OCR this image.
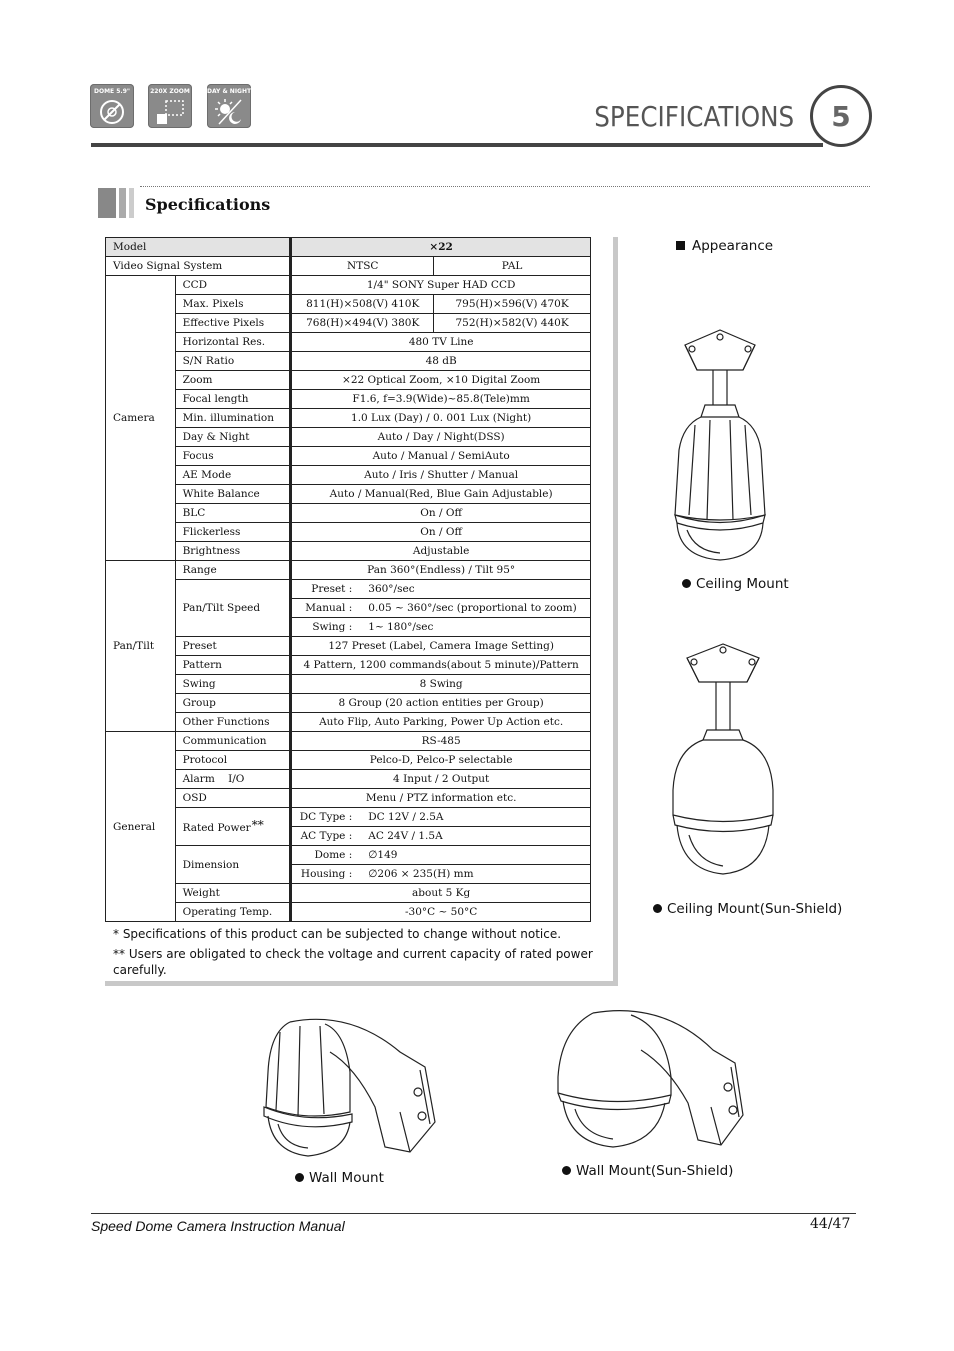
DOME 5.9"	220X ZOOM	DAY & NIGHT
SPECIFICATIONS	5
Specifications
Model		×22	
Video Signal System		NTSC	PAL
Camera	CCD	1/4" SONY Super HAD CCD	
	Max. Pixels	811(H)×508(V) 410K	795(H)×596(V) 470K
	Effective Pixels	768(H)×494(V) 380K	752(H)×582(V) 440K
	Horizontal Res.	480 TV Line	
	S/N Ratio	48 dB	
	Zoom	×22 Optical Zoom, ×10 Digital Zoom	
	Focal length	F1.6, f=3.9(Wide)~85.8(Tele)mm	
	Min. illumination	1.0 Lux (Day) / 0. 001 Lux (Night)	
	Day & Night	Auto / Day / Night(DSS)	
	Focus	Auto / Manual / SemiAuto	
	AE Mode	Auto / Iris / Shutter / Manual	
	White Balance	Auto / Manual(Red, Blue Gain Adjustable)	
	BLC	On / Off	
	Flickerless	On / Off	
	Brightness	Adjustable	
Pan/Tilt	Range	Pan 360°(Endless) / Tilt 95°	
	Pan/Tilt Speed	Preset : 360°/sec	
		Manual : 0.05 ~ 360°/sec (proportional to zoom)	
		Swing : 1~ 180°/sec	
	Preset	127 Preset (Label, Camera Image Setting)	
	Pattern	4 Pattern, 1200 commands(about 5 minute)/Pattern	
	Swing	8 Swing	
	Group	8 Group (20 action entities per Group)	
	Other Functions	Auto Flip, Auto Parking, Power Up Action etc.	
General	Communication	RS-485	
	Protocol	Pelco-D, Pelco-P selectable	
	Alarm    I/O	4 Input / 2 Output	
	OSD	Menu / PTZ information etc.	
	Rated Power**	DC Type : DC 12V / 2.5A	
		AC Type : AC 24V / 1.5A	
	Dimension	Dome : ∅149	
		Housing : ∅206 × 235(H) mm	
	Weight	about 5 Kg	
	Operating Temp.	-30°C ~ 50°C	
* Specifications of this product can be subjected to change without notice.
** Users are obligated to check the voltage and current capacity of rated power carefully.
Appearance
Ceiling Mount
Ceiling Mount(Sun-Shield)
Wall Mount	Wall Mount(Sun-Shield)
Speed Dome Camera Instruction Manual	44/47
